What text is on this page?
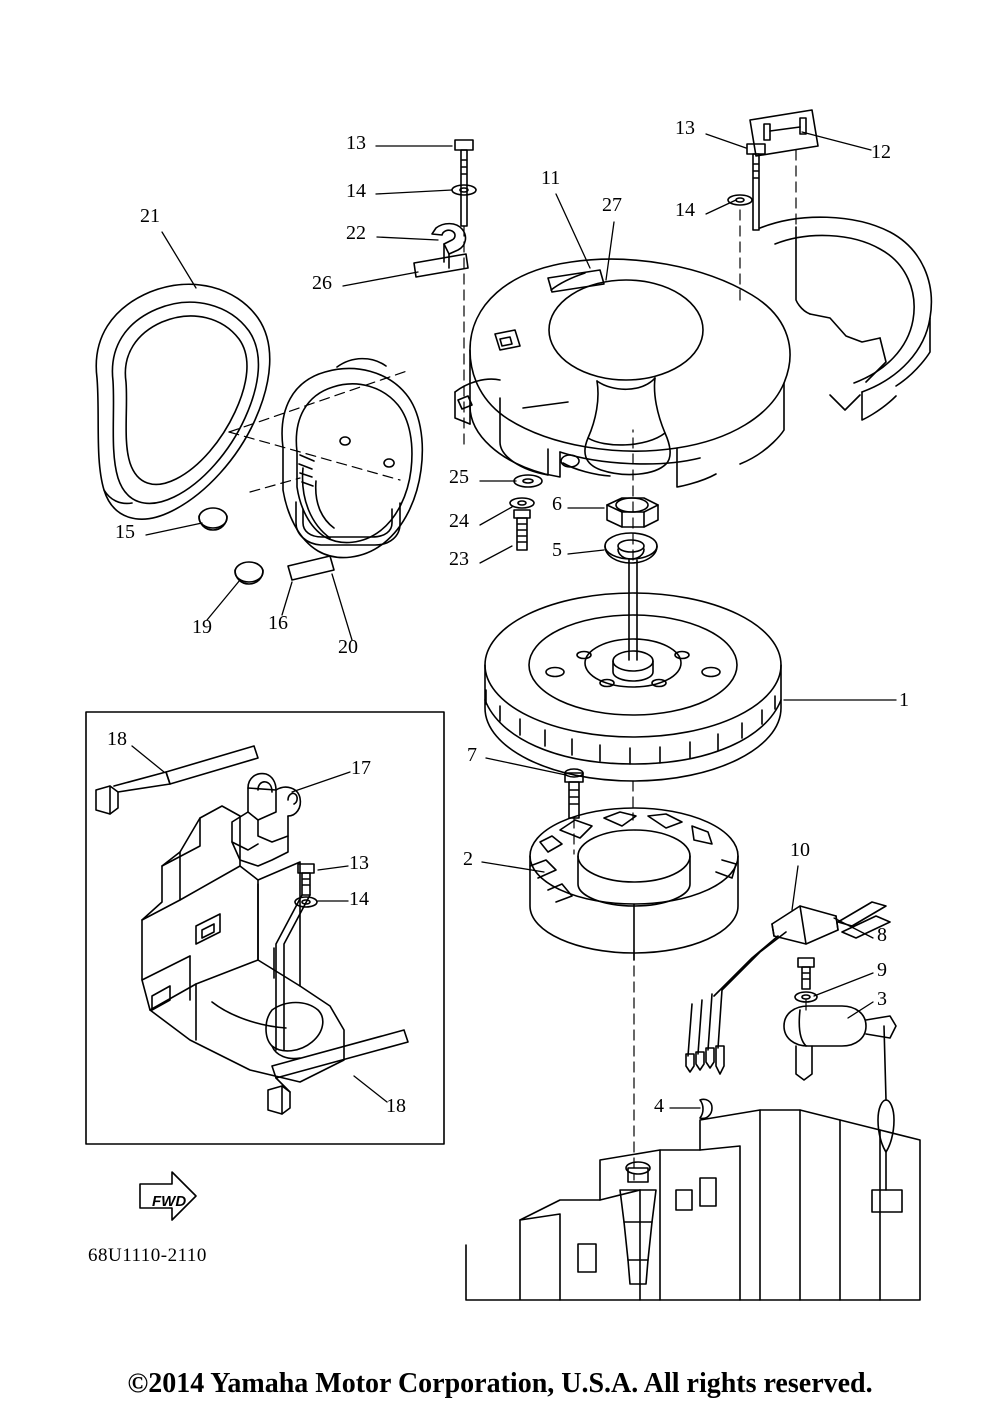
13
14
21
11
27
13
12
14
22
26
25
24
6
23	5
15
19	16
20
1
7
18
17
13
14
2	10
8
9
3
18	4
FWD
68U1110-2110
©2014 Yamaha Motor Corporation, U.S.A. All rights reserved.
